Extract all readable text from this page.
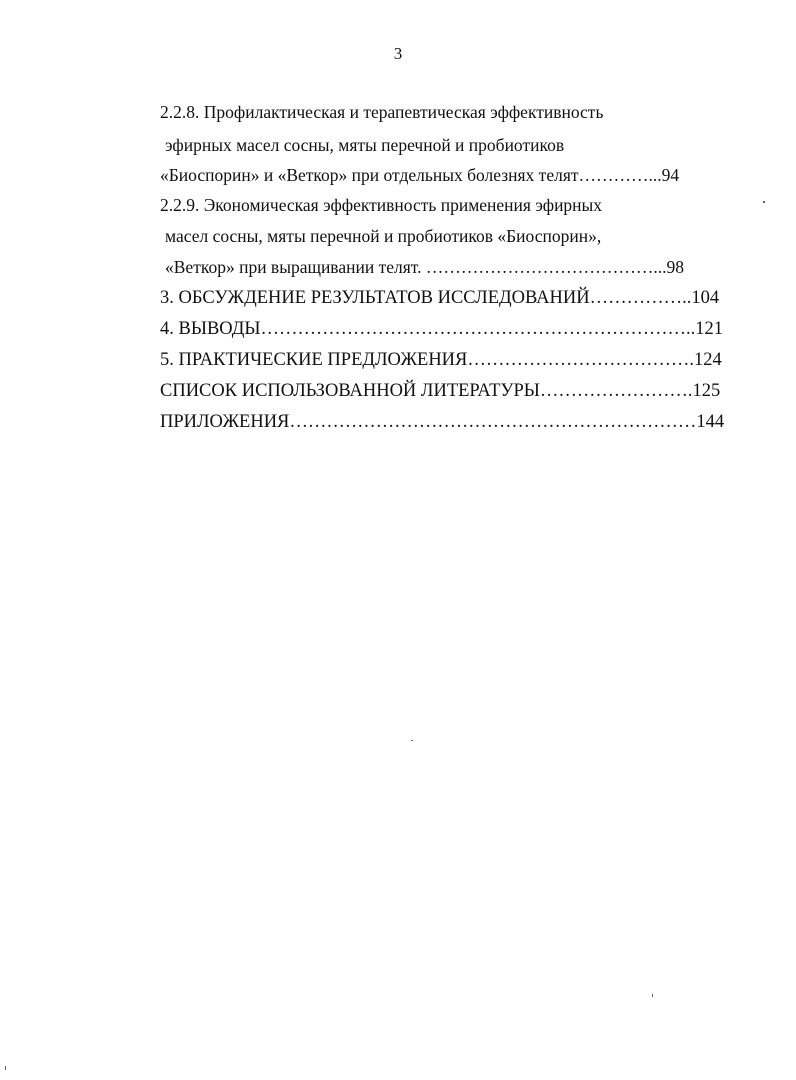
3
2.2.8. Профилактическая и терапевтическая эффективность
эфирных масел сосны, мяты перечной и пробиотиков
«Биоспорин» и «Веткор» при отдельных болезнях телят…………...94
2.2.9. Экономическая эффективность применения эфирных
масел сосны, мяты перечной и пробиотиков «Биоспорин»,
«Веткор» при выращивании телят. …………………………………...98
3. ОБСУЖДЕНИЕ РЕЗУЛЬТАТОВ ИССЛЕДОВАНИЙ……………..104
4. ВЫВОДЫ……………………………………………………………..121
5. ПРАКТИЧЕСКИЕ ПРЕДЛОЖЕНИЯ……………………………….124
СПИСОК ИСПОЛЬЗОВАННОЙ ЛИТЕРАТУРЫ…………………….125
ПРИЛОЖЕНИЯ…………………………………………………………144
